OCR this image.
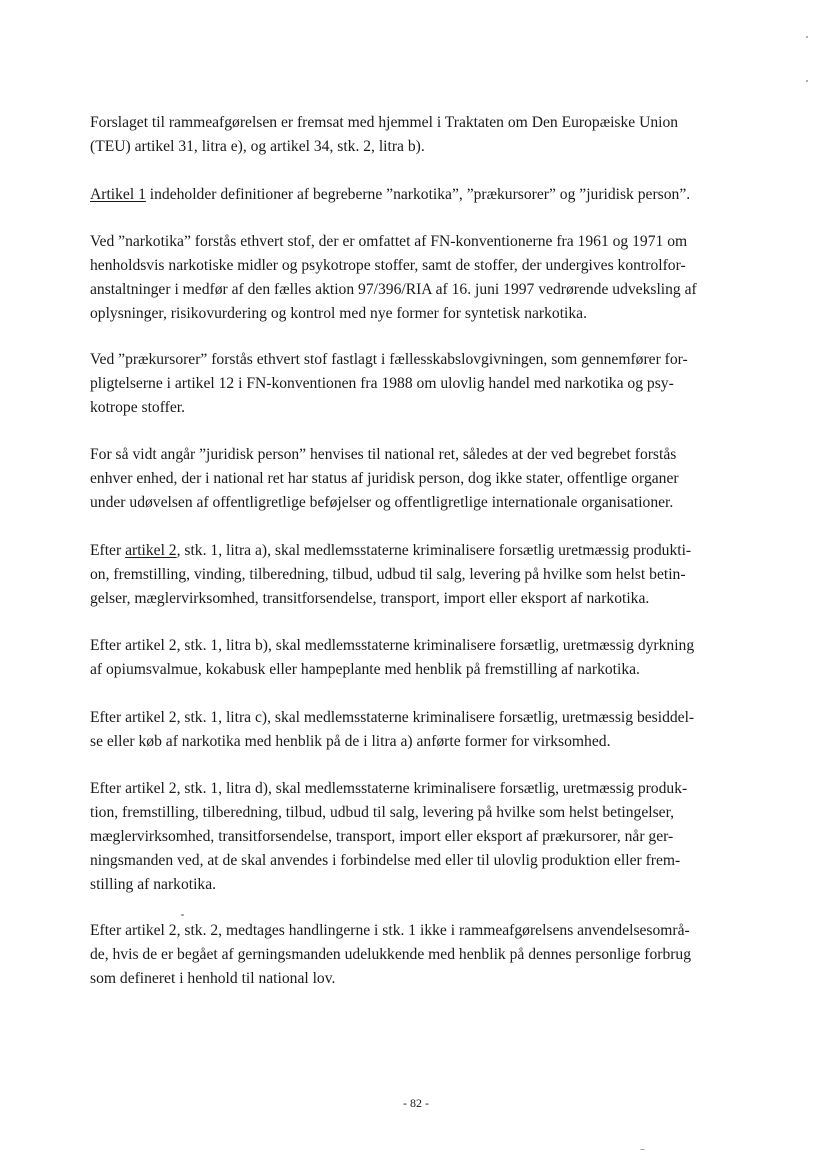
Forslaget til rammeafgørelsen er fremsat med hjemmel i Traktaten om Den Europæiske Union
(TEU) artikel 31, litra e), og artikel 34, stk. 2, litra b).

Artikel 1 indeholder definitioner af begreberne ”narkotika”, ”prækursorer” og ”juridisk person”.

Ved ”narkotika” forstås ethvert stof, der er omfattet af FN-konventionerne fra 1961 og 1971 om
henholdsvis narkotiske midler og psykotrope stoffer, samt de stoffer, der undergives kontrolfor-
anstaltninger i medfør af den fælles aktion 97/396/RIA af 16. juni 1997 vedrørende udveksling af
oplysninger, risikovurdering og kontrol med nye former for syntetisk narkotika.

Ved ”prækursorer” forstås ethvert stof fastlagt i fællesskabslovgivningen, som gennemfører for-
pligtelserne i artikel 12 i FN-konventionen fra 1988 om ulovlig handel med narkotika og psy-
kotrope stoffer.

For så vidt angår ”juridisk person” henvises til national ret, således at der ved begrebet forstås
enhver enhed, der i national ret har status af juridisk person, dog ikke stater, offentlige organer
under udøvelsen af offentligretlige beføjelser og offentligretlige internationale organisationer.

Efter artikel 2, stk. 1, litra a), skal medlemsstaterne kriminalisere forsætlig uretmæssig produkti-
on, fremstilling, vinding, tilberedning, tilbud, udbud til salg, levering på hvilke som helst betin-
gelser, mæglervirksomhed, transitforsendelse, transport, import eller eksport af narkotika.

Efter artikel 2, stk. 1, litra b), skal medlemsstaterne kriminalisere forsætlig, uretmæssig dyrkning
af opiumsvalmue, kokabusk eller hampeplante med henblik på fremstilling af narkotika.

Efter artikel 2, stk. 1, litra c), skal medlemsstaterne kriminalisere forsætlig, uretmæssig besiddel-
se eller køb af narkotika med henblik på de i litra a) anførte former for virksomhed.

Efter artikel 2, stk. 1, litra d), skal medlemsstaterne kriminalisere forsætlig, uretmæssig produk-
tion, fremstilling, tilberedning, tilbud, udbud til salg, levering på hvilke som helst betingelser,
mæglervirksomhed, transitforsendelse, transport, import eller eksport af prækursorer, når ger-
ningsmanden ved, at de skal anvendes i forbindelse med eller til ulovlig produktion eller frem-
stilling af narkotika.

Efter artikel 2, stk. 2, medtages handlingerne i stk. 1 ikke i rammeafgørelsens anvendelsesområ-
de, hvis de er begået af gerningsmanden udelukkende med henblik på dennes personlige forbrug
som defineret i henhold til national lov.

- 82 -
